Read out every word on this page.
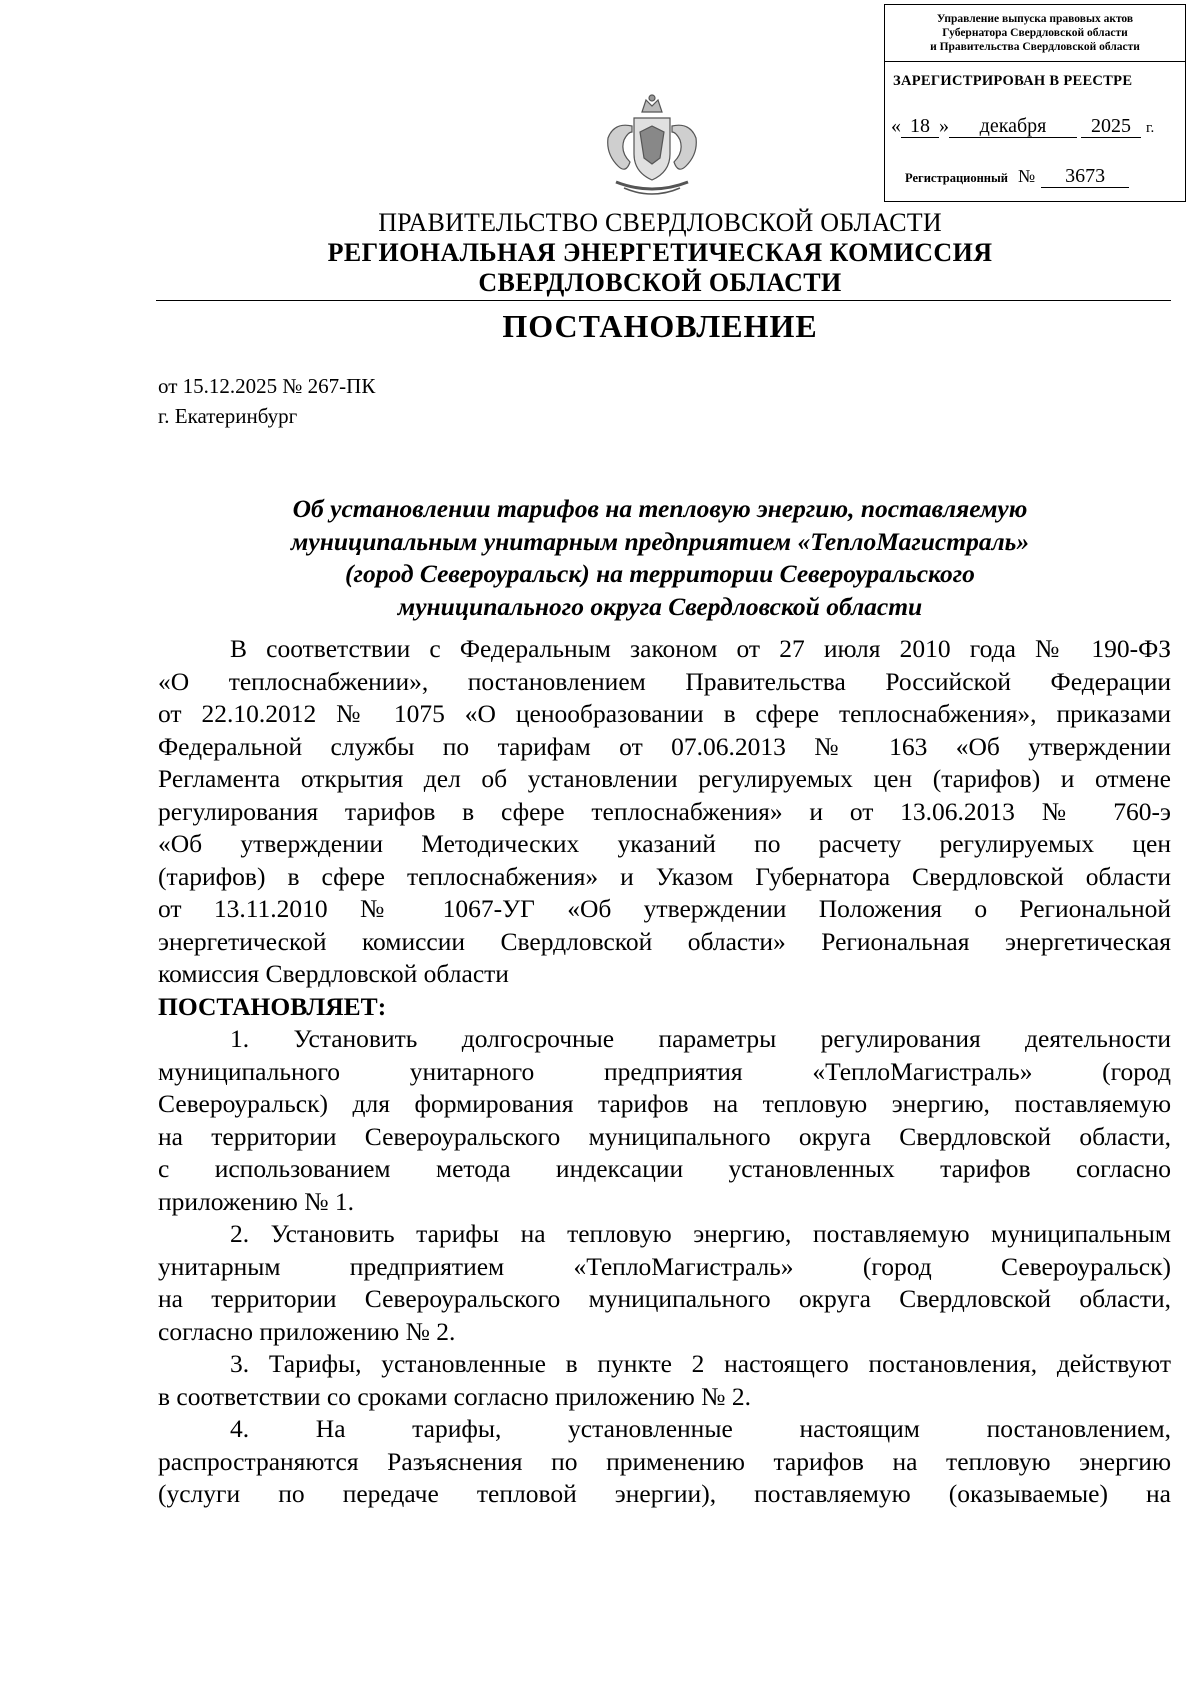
Управление выпуска правовых актов
Губернатора Свердловской области
и Правительства Свердловской области
ЗАРЕГИСТРИРОВАН В РЕЕСТРЕ
« 18 » декабря 2025 г.
Регистрационный № 3673
ПРАВИТЕЛЬСТВО СВЕРДЛОВСКОЙ ОБЛАСТИ
РЕГИОНАЛЬНАЯ ЭНЕРГЕТИЧЕСКАЯ КОМИССИЯ
СВЕРДЛОВСКОЙ ОБЛАСТИ
ПОСТАНОВЛЕНИЕ
от 15.12.2025 № 267-ПК
г. Екатеринбург
Об установлении тарифов на тепловую энергию, поставляемую
муниципальным унитарным предприятием «ТеплоМагистраль»
(город Североуральск) на территории Североуральского
муниципального округа Свердловской области
В соответствии с Федеральным законом от 27 июля 2010 года № 190-ФЗ
«О теплоснабжении», постановлением Правительства Российской Федерации
от 22.10.2012 № 1075 «О ценообразовании в сфере теплоснабжения», приказами
Федеральной службы по тарифам от 07.06.2013 № 163 «Об утверждении
Регламента открытия дел об установлении регулируемых цен (тарифов) и отмене
регулирования тарифов в сфере теплоснабжения» и от 13.06.2013 № 760-э
«Об утверждении Методических указаний по расчету регулируемых цен
(тарифов) в сфере теплоснабжения» и Указом Губернатора Свердловской области
от 13.11.2010 № 1067-УГ «Об утверждении Положения о Региональной
энергетической комиссии Свердловской области» Региональная энергетическая
комиссия Свердловской области
ПОСТАНОВЛЯЕТ:
1. Установить долгосрочные параметры регулирования деятельности
муниципального унитарного предприятия «ТеплоМагистраль» (город
Североуральск) для формирования тарифов на тепловую энергию, поставляемую
на территории Североуральского муниципального округа Свердловской области,
с использованием метода индексации установленных тарифов согласно
приложению № 1.
2. Установить тарифы на тепловую энергию, поставляемую муниципальным
унитарным предприятием «ТеплоМагистраль» (город Североуральск)
на территории Североуральского муниципального округа Свердловской области,
согласно приложению № 2.
3. Тарифы, установленные в пункте 2 настоящего постановления, действуют
в соответствии со сроками согласно приложению № 2.
4. На тарифы, установленные настоящим постановлением,
распространяются Разъяснения по применению тарифов на тепловую энергию
(услуги по передаче тепловой энергии), поставляемую (оказываемые) на
